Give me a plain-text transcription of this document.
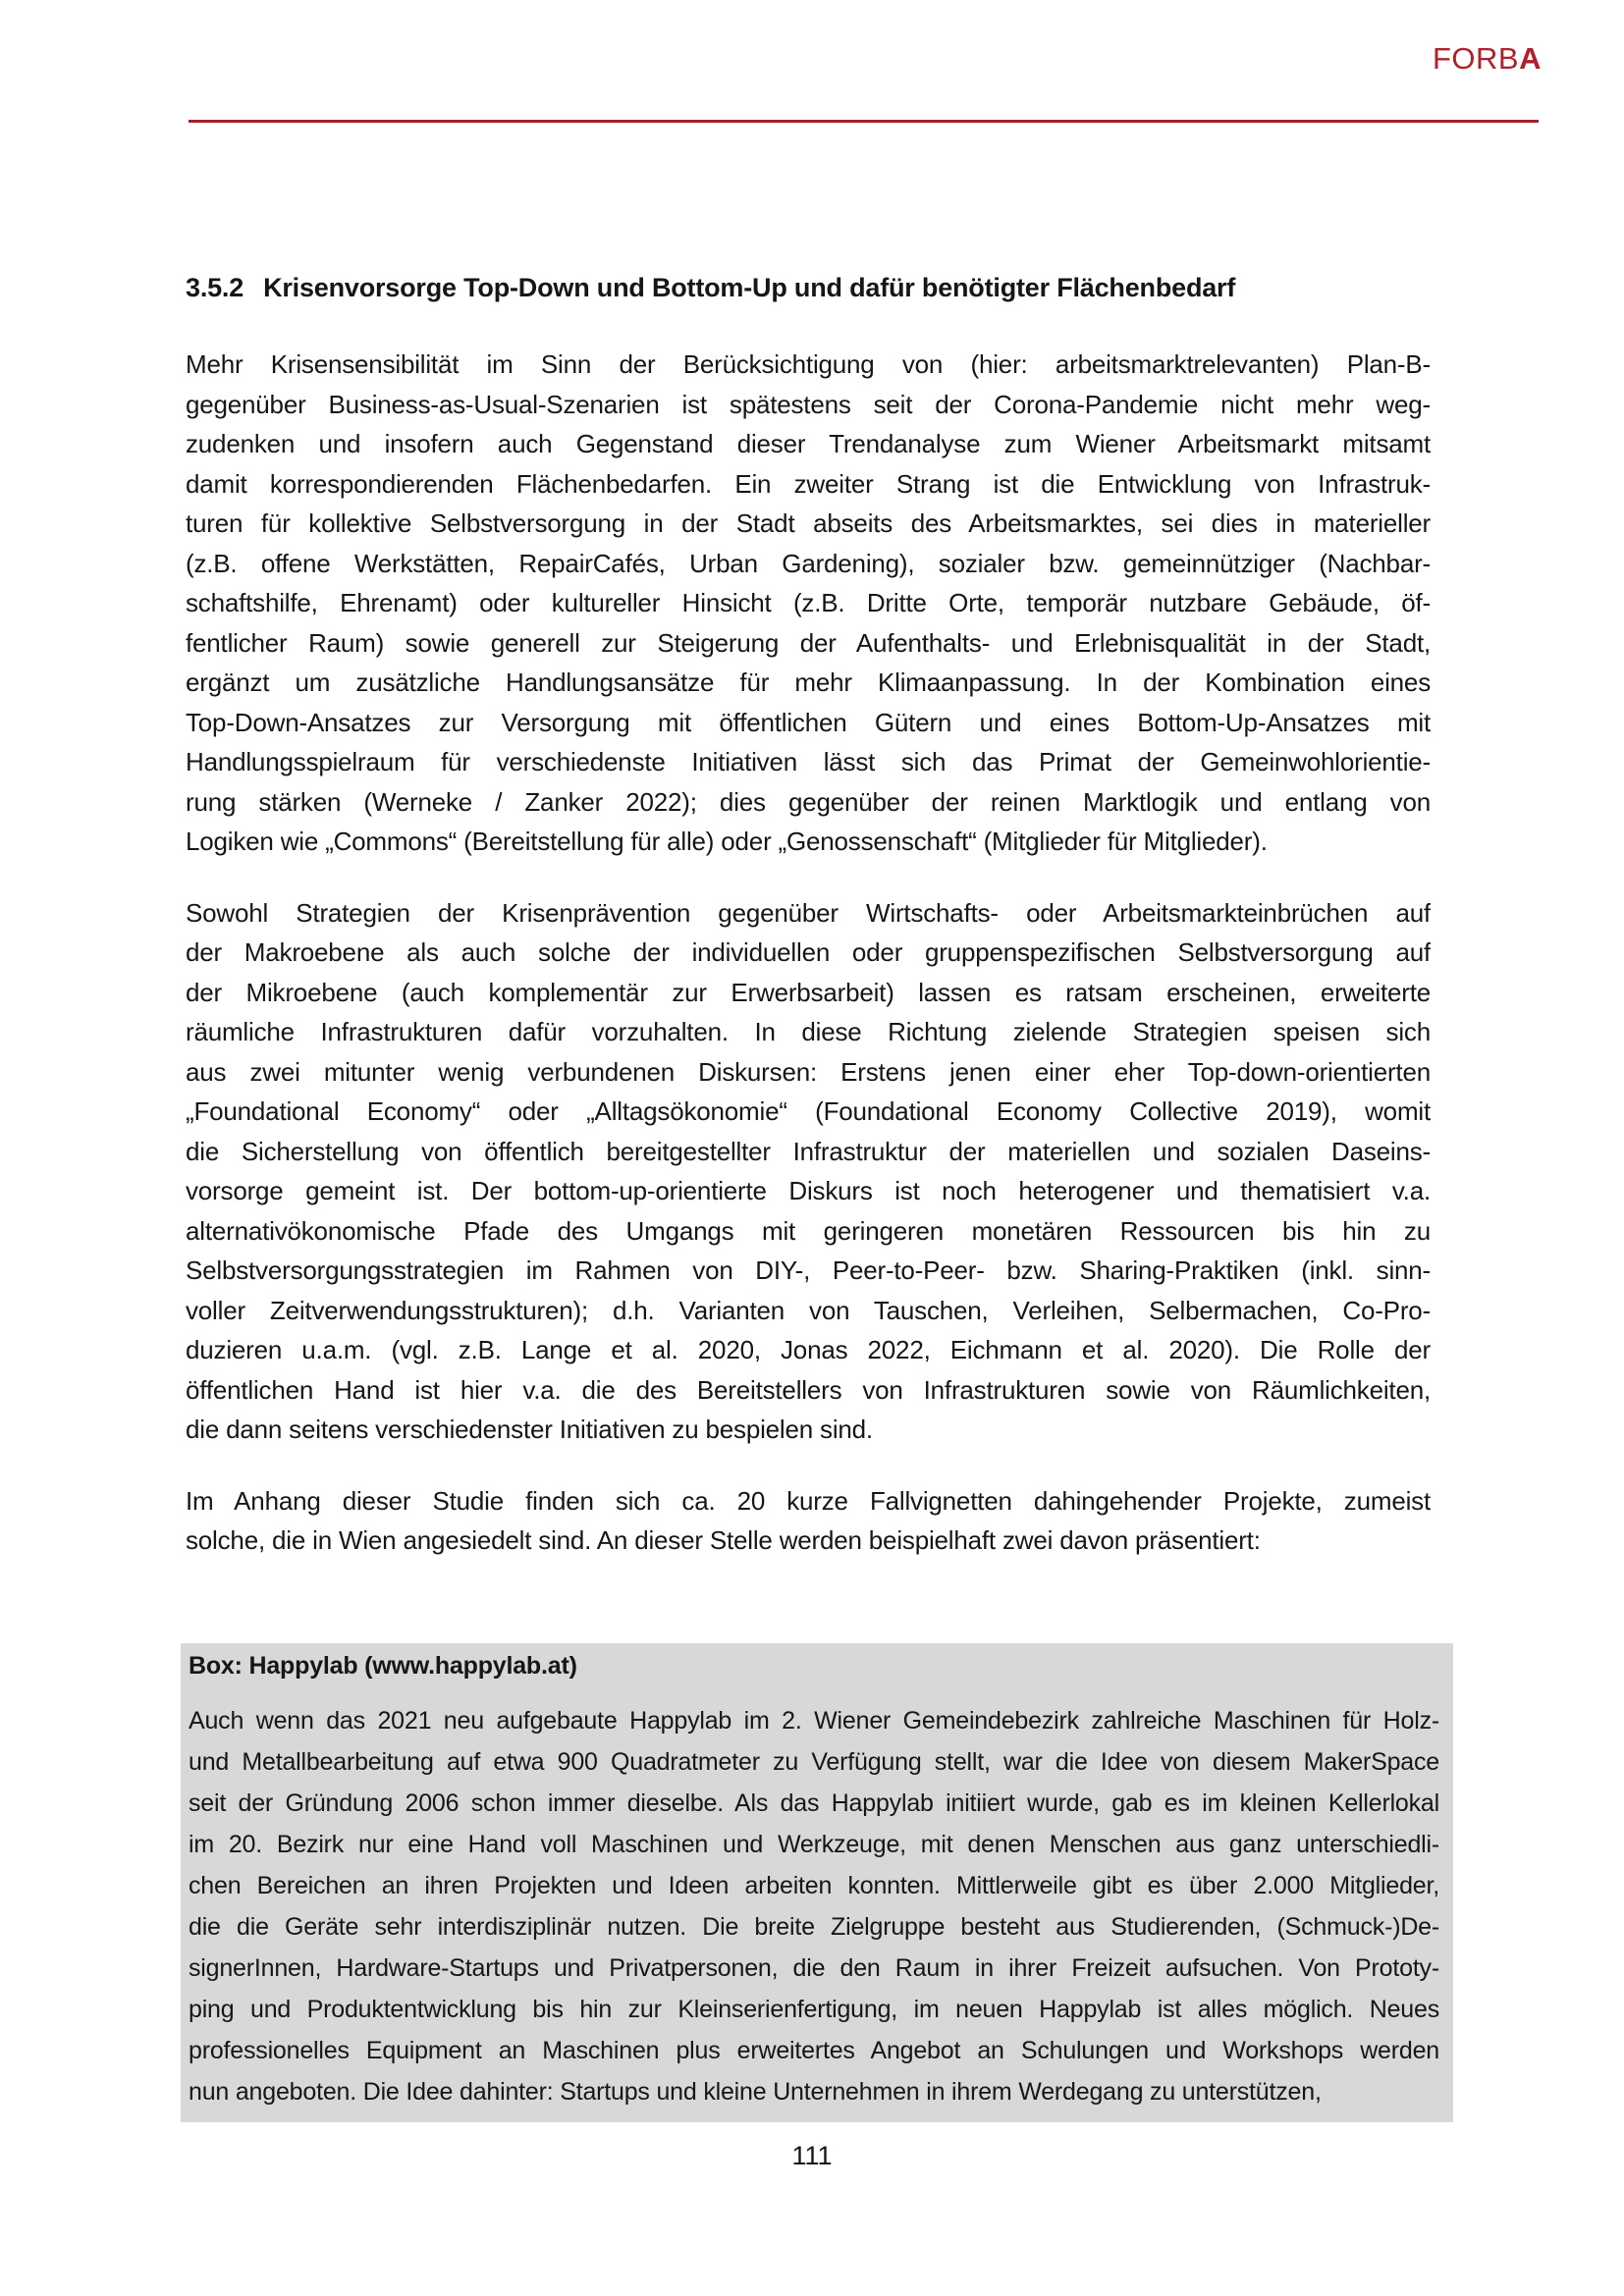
FORBA
3.5.2 Krisenvorsorge Top-Down und Bottom-Up und dafür benötigter Flächenbedarf
Mehr Krisensensibilität im Sinn der Berücksichtigung von (hier: arbeitsmarktrelevanten) Plan-B-
gegenüber Business-as-Usual-Szenarien ist spätestens seit der Corona-Pandemie nicht mehr weg-
zudenken und insofern auch Gegenstand dieser Trendanalyse zum Wiener Arbeitsmarkt mitsamt
damit korrespondierenden Flächenbedarfen. Ein zweiter Strang ist die Entwicklung von Infrastruk-
turen für kollektive Selbstversorgung in der Stadt abseits des Arbeitsmarktes, sei dies in materieller
(z.B. offene Werkstätten, RepairCafés, Urban Gardening), sozialer bzw. gemeinnütziger (Nachbar-
schaftshilfe, Ehrenamt) oder kultureller Hinsicht (z.B. Dritte Orte, temporär nutzbare Gebäude, öf-
fentlicher Raum) sowie generell zur Steigerung der Aufenthalts- und Erlebnisqualität in der Stadt,
ergänzt um zusätzliche Handlungsansätze für mehr Klimaanpassung. In der Kombination eines
Top-Down-Ansatzes zur Versorgung mit öffentlichen Gütern und eines Bottom-Up-Ansatzes mit
Handlungsspielraum für verschiedenste Initiativen lässt sich das Primat der Gemeinwohlorientie-
rung stärken (Werneke / Zanker 2022); dies gegenüber der reinen Marktlogik und entlang von
Logiken wie „Commons“ (Bereitstellung für alle) oder „Genossenschaft“ (Mitglieder für Mitglieder).
Sowohl Strategien der Krisenprävention gegenüber Wirtschafts- oder Arbeitsmarkteinbrüchen auf
der Makroebene als auch solche der individuellen oder gruppenspezifischen Selbstversorgung auf
der Mikroebene (auch komplementär zur Erwerbsarbeit) lassen es ratsam erscheinen, erweiterte
räumliche Infrastrukturen dafür vorzuhalten. In diese Richtung zielende Strategien speisen sich
aus zwei mitunter wenig verbundenen Diskursen: Erstens jenen einer eher Top-down-orientierten
„Foundational Economy“ oder „Alltagsökonomie“ (Foundational Economy Collective 2019), womit
die Sicherstellung von öffentlich bereitgestellter Infrastruktur der materiellen und sozialen Daseins-
vorsorge gemeint ist. Der bottom-up-orientierte Diskurs ist noch heterogener und thematisiert v.a.
alternativökonomische Pfade des Umgangs mit geringeren monetären Ressourcen bis hin zu
Selbstversorgungsstrategien im Rahmen von DIY-, Peer-to-Peer- bzw. Sharing-Praktiken (inkl. sinn-
voller Zeitverwendungsstrukturen); d.h. Varianten von Tauschen, Verleihen, Selbermachen, Co-Pro-
duzieren u.a.m. (vgl. z.B. Lange et al. 2020, Jonas 2022, Eichmann et al. 2020). Die Rolle der
öffentlichen Hand ist hier v.a. die des Bereitstellers von Infrastrukturen sowie von Räumlichkeiten,
die dann seitens verschiedenster Initiativen zu bespielen sind.
Im Anhang dieser Studie finden sich ca. 20 kurze Fallvignetten dahingehender Projekte, zumeist
solche, die in Wien angesiedelt sind. An dieser Stelle werden beispielhaft zwei davon präsentiert:
Box: Happylab (www.happylab.at)
Auch wenn das 2021 neu aufgebaute Happylab im 2. Wiener Gemeindebezirk zahlreiche Maschinen für Holz-
und Metallbearbeitung auf etwa 900 Quadratmeter zu Verfügung stellt, war die Idee von diesem MakerSpace
seit der Gründung 2006 schon immer dieselbe. Als das Happylab initiiert wurde, gab es im kleinen Kellerlokal
im 20. Bezirk nur eine Hand voll Maschinen und Werkzeuge, mit denen Menschen aus ganz unterschiedli-
chen Bereichen an ihren Projekten und Ideen arbeiten konnten. Mittlerweile gibt es über 2.000 Mitglieder,
die die Geräte sehr interdisziplinär nutzen. Die breite Zielgruppe besteht aus Studierenden, (Schmuck-)De-
signerInnen, Hardware-Startups und Privatpersonen, die den Raum in ihrer Freizeit aufsuchen. Von Prototy-
ping und Produktentwicklung bis hin zur Kleinserienfertigung, im neuen Happylab ist alles möglich. Neues
professionelles Equipment an Maschinen plus erweitertes Angebot an Schulungen und Workshops werden
nun angeboten. Die Idee dahinter: Startups und kleine Unternehmen in ihrem Werdegang zu unterstützen,
111
